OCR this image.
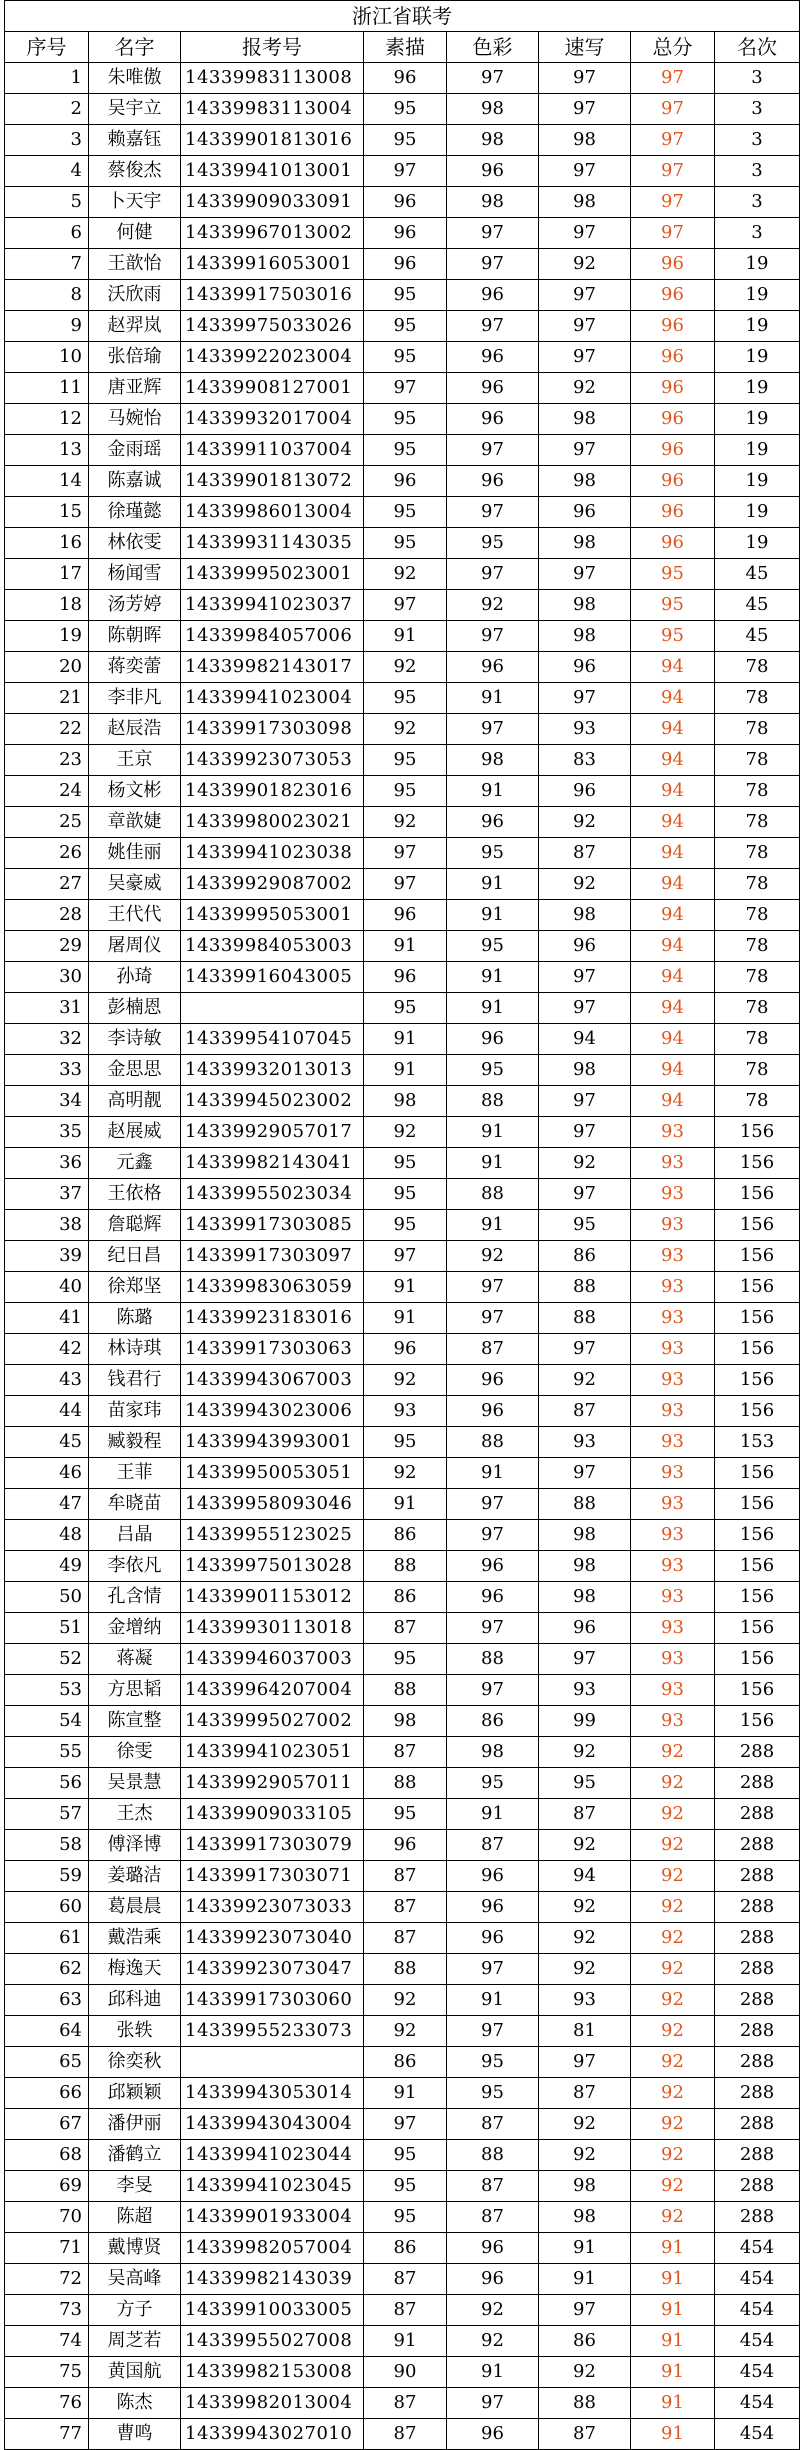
浙江省联考							
序号	名字	报考号	素描	色彩	速写	总分	名次
1	朱唯傲	14339983113008	96	97	97	97	3
2	吴宇立	14339983113004	95	98	97	97	3
3	赖嘉钰	14339901813016	95	98	98	97	3
4	蔡俊杰	14339941013001	97	96	97	97	3
5	卜天宇	14339909033091	96	98	98	97	3
6	何健	14339967013002	96	97	97	97	3
7	王歆怡	14339916053001	96	97	92	96	19
8	沃欣雨	14339917503016	95	96	97	96	19
9	赵羿岚	14339975033026	95	97	97	96	19
10	张倍瑜	14339922023004	95	96	97	96	19
11	唐亚辉	14339908127001	97	96	92	96	19
12	马婉怡	14339932017004	95	96	98	96	19
13	金雨瑶	14339911037004	95	97	97	96	19
14	陈嘉诚	14339901813072	96	96	98	96	19
15	徐瑾懿	14339986013004	95	97	96	96	19
16	林依雯	14339931143035	95	95	98	96	19
17	杨闻雪	14339995023001	92	97	97	95	45
18	汤芳婷	14339941023037	97	92	98	95	45
19	陈朝晖	14339984057006	91	97	98	95	45
20	蒋奕蕾	14339982143017	92	96	96	94	78
21	李非凡	14339941023004	95	91	97	94	78
22	赵辰浩	14339917303098	92	97	93	94	78
23	王京	14339923073053	95	98	83	94	78
24	杨文彬	14339901823016	95	91	96	94	78
25	章歆婕	14339980023021	92	96	92	94	78
26	姚佳丽	14339941023038	97	95	87	94	78
27	吴豪威	14339929087002	97	91	92	94	78
28	王代代	14339995053001	96	91	98	94	78
29	屠周仪	14339984053003	91	95	96	94	78
30	孙琦	14339916043005	96	91	97	94	78
31	彭楠恩		95	91	97	94	78
32	李诗敏	14339954107045	91	96	94	94	78
33	金思思	14339932013013	91	95	98	94	78
34	高明靓	14339945023002	98	88	97	94	78
35	赵展威	14339929057017	92	91	97	93	156
36	元鑫	14339982143041	95	91	92	93	156
37	王依格	14339955023034	95	88	97	93	156
38	詹聪辉	14339917303085	95	91	95	93	156
39	纪日昌	14339917303097	97	92	86	93	156
40	徐郑坚	14339983063059	91	97	88	93	156
41	陈璐	14339923183016	91	97	88	93	156
42	林诗琪	14339917303063	96	87	97	93	156
43	钱君行	14339943067003	92	96	92	93	156
44	苗家玮	14339943023006	93	96	87	93	156
45	臧毅程	14339943993001	95	88	93	93	153
46	王菲	14339950053051	92	91	97	93	156
47	牟晓苗	14339958093046	91	97	88	93	156
48	吕晶	14339955123025	86	97	98	93	156
49	李依凡	14339975013028	88	96	98	93	156
50	孔含情	14339901153012	86	96	98	93	156
51	金增纳	14339930113018	87	97	96	93	156
52	蒋凝	14339946037003	95	88	97	93	156
53	方思韬	14339964207004	88	97	93	93	156
54	陈宣整	14339995027002	98	86	99	93	156
55	徐雯	14339941023051	87	98	92	92	288
56	吴景慧	14339929057011	88	95	95	92	288
57	王杰	14339909033105	95	91	87	92	288
58	傅泽博	14339917303079	96	87	92	92	288
59	姜璐洁	14339917303071	87	96	94	92	288
60	葛晨晨	14339923073033	87	96	92	92	288
61	戴浩乘	14339923073040	87	96	92	92	288
62	梅逸天	14339923073047	88	97	92	92	288
63	邱科迪	14339917303060	92	91	93	92	288
64	张轶	14339955233073	92	97	81	92	288
65	徐奕秋		86	95	97	92	288
66	邱颖颖	14339943053014	91	95	87	92	288
67	潘伊丽	14339943043004	97	87	92	92	288
68	潘鹤立	14339941023044	95	88	92	92	288
69	李旻	14339941023045	95	87	98	92	288
70	陈超	14339901933004	95	87	98	92	288
71	戴博贤	14339982057004	86	96	91	91	454
72	吴高峰	14339982143039	87	96	91	91	454
73	方子	14339910033005	87	92	97	91	454
74	周芝若	14339955027008	91	92	86	91	454
75	黄国航	14339982153008	90	91	92	91	454
76	陈杰	14339982013004	87	97	88	91	454
77	曹鸣	14339943027010	87	96	87	91	454
